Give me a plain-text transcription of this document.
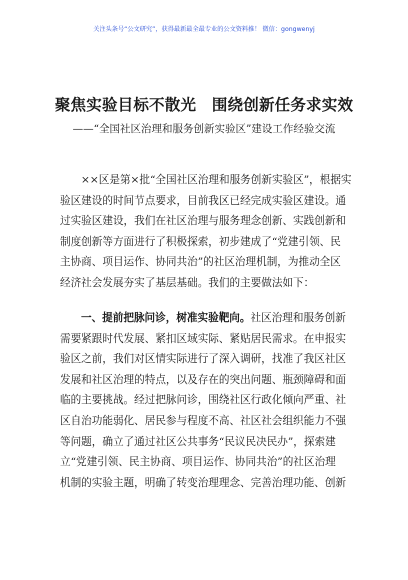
关注头条号“公文研究”，获得最新最全最专业的公文资料推！ 微信：gongwenyj
聚焦实验目标不散光　围绕创新任务求实效
——“全国社区治理和服务创新实验区”建设工作经验交流
××区是第×批“全国社区治理和服务创新实验区”，根据实
验区建设的时间节点要求，目前我区已经完成实验区建设。通
过实验区建设，我们在社区治理与服务理念创新、实践创新和
制度创新等方面进行了积极探索，初步建成了“党建引领、民
主协商、项目运作、协同共治”的社区治理机制，为推动全区
经济社会发展夯实了基层基础。我们的主要做法如下：
一、提前把脉问诊，树准实验靶向。社区治理和服务创新
需要紧跟时代发展、紧扣区域实际、紧贴居民需求。在申报实
验区之前，我们对区情实际进行了深入调研，找准了我区社区
发展和社区治理的特点，以及存在的突出问题、瓶颈障碍和面
临的主要挑战。经过把脉问诊，围绕社区行政化倾向严重、社
区自治功能弱化、居民参与程度不高、社区社会组织能力不强
等问题，确立了通过社区公共事务“民议民决民办”，探索建
立“党建引领、民主协商、项目运作、协同共治”的社区治理
机制的实验主题，明确了转变治理理念、完善治理功能、创新
